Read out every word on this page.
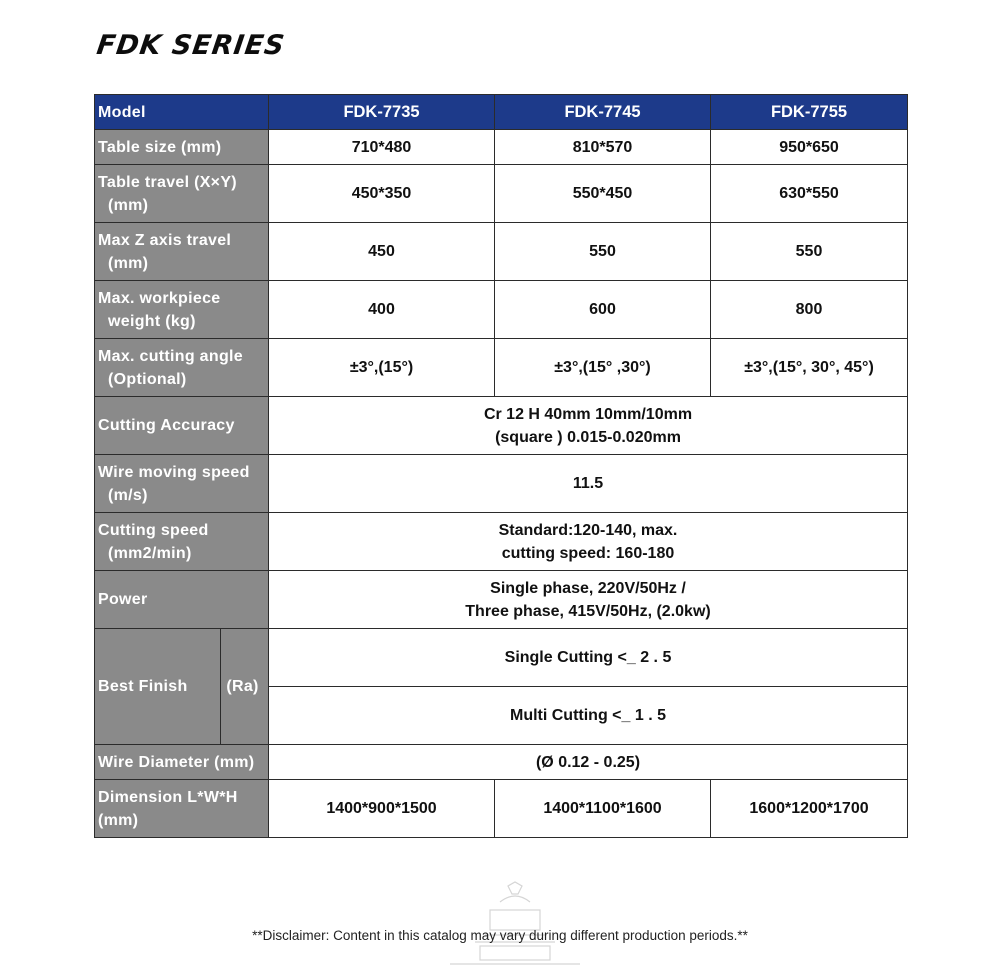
FDK SERIES
Model		FDK-7735	FDK-7745	FDK-7755
Table size (mm)		710*480	810*570	950*650
Table travel (X×Y)
(mm)		450*350	550*450	630*550
Max Z axis travel
(mm)		450	550	550
Max. workpiece
weight (kg)		400	600	800
Max. cutting angle
(Optional)		±3°,(15°)	±3°,(15° ,30°)	±3°,(15°, 30°, 45°)
Cutting Accuracy		Cr 12 H 40mm 10mm/10mm
(square ) 0.015-0.020mm		
Wire moving speed
(m/s)		11.5		
Cutting speed
(mm2/min)		Standard:120-140, max.
cutting speed: 160-180		
Power		Single phase, 220V/50Hz /
Three phase, 415V/50Hz, (2.0kw)		
Best Finish	(Ra)	Single Cutting <_ 2 . 5		
		Multi Cutting <_ 1 . 5		
Wire Diameter (mm)		(Ø 0.12 - 0.25)		
Dimension L*W*H
(mm)		1400*900*1500	1400*1100*1600	1600*1200*1700
**Disclaimer: Content in this catalog may vary during different production periods.**
